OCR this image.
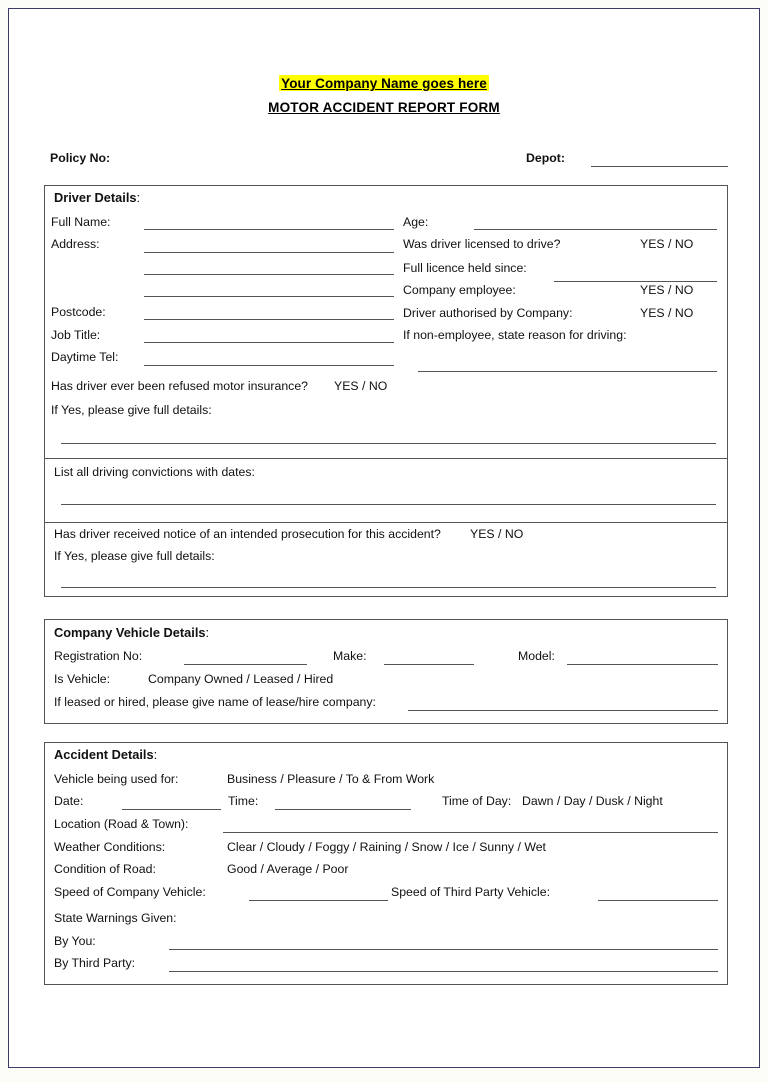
Your Company Name goes here
MOTOR ACCIDENT REPORT FORM
Policy No:	Depot:
Driver Details:
Full Name:
Address:
Postcode:
Job Title:
Daytime Tel:
Age:
Was driver licensed to drive?	YES / NO
Full licence held since:
Company employee:	YES / NO
Driver authorised by Company:	YES / NO
If non-employee, state reason for driving:
Has driver ever been refused motor insurance? YES / NO
If Yes, please give full details:
List all driving convictions with dates:
Has driver received notice of an intended prosecution for this accident? YES / NO
If Yes, please give full details:
Company Vehicle Details:
Registration No:	Make:	Model:
Is Vehicle:	Company Owned / Leased / Hired
If leased or hired, please give name of lease/hire company:
Accident Details:
Vehicle being used for:	Business / Pleasure / To & From Work
Date:	Time:	Time of Day: Dawn / Day / Dusk / Night
Location (Road & Town):
Weather Conditions:	Clear / Cloudy / Foggy / Raining / Snow / Ice / Sunny / Wet
Condition of Road:	Good / Average / Poor
Speed of Company Vehicle:	Speed of Third Party Vehicle:
State Warnings Given:
By You:
By Third Party:
